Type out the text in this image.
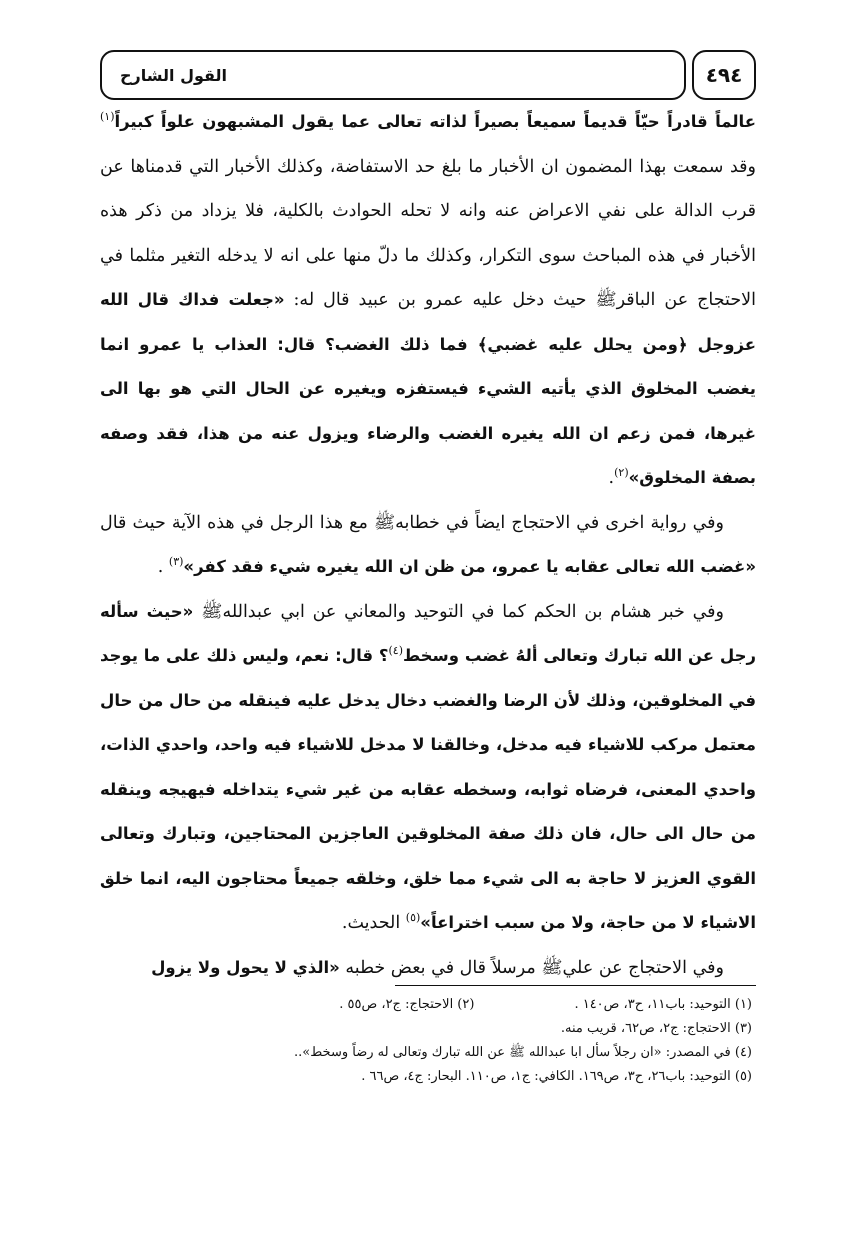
٤٩٤
القول الشارح

عالماً قادراً حيّاً قديماً سميعاً بصيراً لذاته تعالى عما يقول المشبهون علواً كبيراً$^{(١)}$ وقد سمعت بهذا المضمون ان الأخبار ما بلغ حد الاستفاضة، وكذلك الأخبار التي قدمناها عن قرب الدالة على نفي الاعراض عنه وانه لا تحله الحوادث بالكلية، فلا يزداد من ذكر هذه الأخبار في هذه المباحث سوى التكرار، وكذلك ما دلّ منها على انه لا يدخله التغير مثلما في الاحتجاج عن الباقرﷺ حيث دخل عليه عمرو بن عبيد قال له: «جعلت فداك قال الله عزوجل ﴿ومن يحلل عليه غضبي﴾ فما ذلك الغضب؟ قال: العذاب يا عمرو انما يغضب المخلوق الذي يأتيه الشيء فيستفزه ويغيره عن الحال التي هو بها الى غيرها، فمن زعم ان الله يغيره الغضب والرضاء ويزول عنه من هذا، فقد وصفه بصفة المخلوق»$^{(٢)}$.

وفي رواية اخرى في الاحتجاج ايضاً في خطابهﷺ مع هذا الرجل في هذه الآية حيث قال «غضب الله تعالى عقابه يا عمرو، من ظن ان الله يغيره شيء فقد كفر»$^{(٣)}$ .

وفي خبر هشام بن الحكم كما في التوحيد والمعاني عن ابي عبداللهﷺ «حيث سأله رجل عن الله تبارك وتعالى ألهُ غضب وسخط$^{(٤)}$؟ قال: نعم، وليس ذلك على ما يوجد في المخلوقين، وذلك لأن الرضا والغضب دخال يدخل عليه فينقله من حال من حال معتمل مركب للاشياء فيه مدخل، وخالقنا لا مدخل للاشياء فيه واحد، واحدي الذات، واحدي المعنى، فرضاه ثوابه، وسخطه عقابه من غير شيء يتداخله فيهيجه وينقله من حال الى حال، فان ذلك صفة المخلوقين العاجزين المحتاجين، وتبارك وتعالى القوي العزيز لا حاجة به الى شيء مما خلق، وخلقه جميعاً محتاجون اليه، انما خلق الاشياء لا من حاجة، ولا من سبب اختراعاً»$^{(٥)}$ الحديث.

وفي الاحتجاج عن عليﷺ مرسلاً قال في بعض خطبه «الذي لا يحول ولا يزول

(١) التوحيد: باب١١، ح٣، ص١٤٠ .
(٢) الاحتجاج: ج٢، ص٥٥ .
(٣) الاحتجاج: ج٢، ص٦٢، قريب منه.
(٤) في المصدر: «ان رجلاً سأل ابا عبدالله ﷺ عن الله تبارك وتعالى له رضاً وسخط»..
(٥) التوحيد: باب٢٦، ح٣، ص١٦٩. الكافي: ج١، ص١١٠. البحار: ج٤، ص٦٦ .
